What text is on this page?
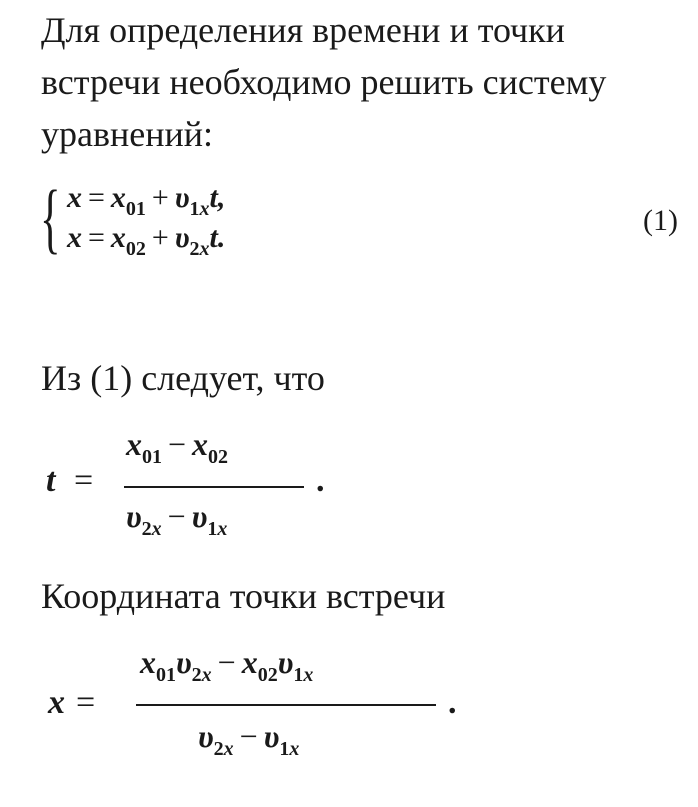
Для определения времени и точки встречи необходимо решить систему уравнений:

{ $x = x_{01} + \upsilon_{1x}t$,
$x = x_{02} + \upsilon_{2x}t$.
(1)

Из (1) следует, что

t =
$x_{01} - x_{02}$
$\upsilon_{2x} - \upsilon_{1x}$
.

Координата точки встречи

x =
$x_{01}\upsilon_{2x} - x_{02}\upsilon_{1x}$
$\upsilon_{2x} - \upsilon_{1x}$
.
